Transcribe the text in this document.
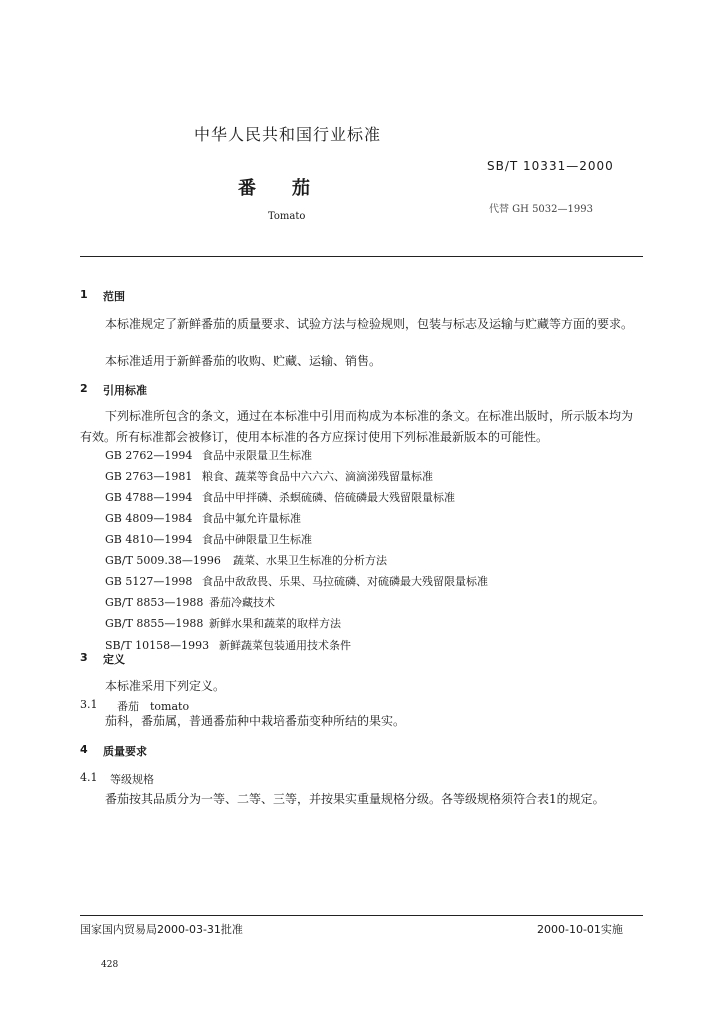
中华人民共和国行业标准
番　　茄
Tomato
SB/T 10331—2000
代替 GH 5032—1993
1 范围
本标准规定了新鲜番茄的质量要求、试验方法与检验规则，包装与标志及运输与贮藏等方面的要求。
本标准适用于新鲜番茄的收购、贮藏、运输、销售。
2 引用标准
下列标准所包含的条文，通过在本标准中引用而构成为本标准的条文。在标准出版时，所示版本均为有效。所有标准都会被修订，使用本标准的各方应探讨使用下列标准最新版本的可能性。
GB 2762—1994 食品中汞限量卫生标准
GB 2763—1981 粮食、蔬菜等食品中六六六、滴滴涕残留量标准
GB 4788—1994 食品中甲拌磷、杀螟硫磷、倍硫磷最大残留限量标准
GB 4809—1984 食品中氟允许量标准
GB 4810—1994 食品中砷限量卫生标准
GB/T 5009.38—1996 蔬菜、水果卫生标准的分析方法
GB 5127—1998 食品中敌敌畏、乐果、马拉硫磷、对硫磷最大残留限量标准
GB/T 8853—1988 番茄冷藏技术
GB/T 8855—1988 新鲜水果和蔬菜的取样方法
SB/T 10158—1993 新鲜蔬菜包装通用技术条件
3 定义
本标准采用下列定义。
3.1 番茄　tomato
茄科，番茄属，普通番茄种中栽培番茄变种所结的果实。
4 质量要求
4.1 等级规格
番茄按其品质分为一等、二等、三等，并按果实重量规格分级。各等级规格须符合表1的规定。
国家国内贸易局2000-03-31批准	2000-10-01实施
428
